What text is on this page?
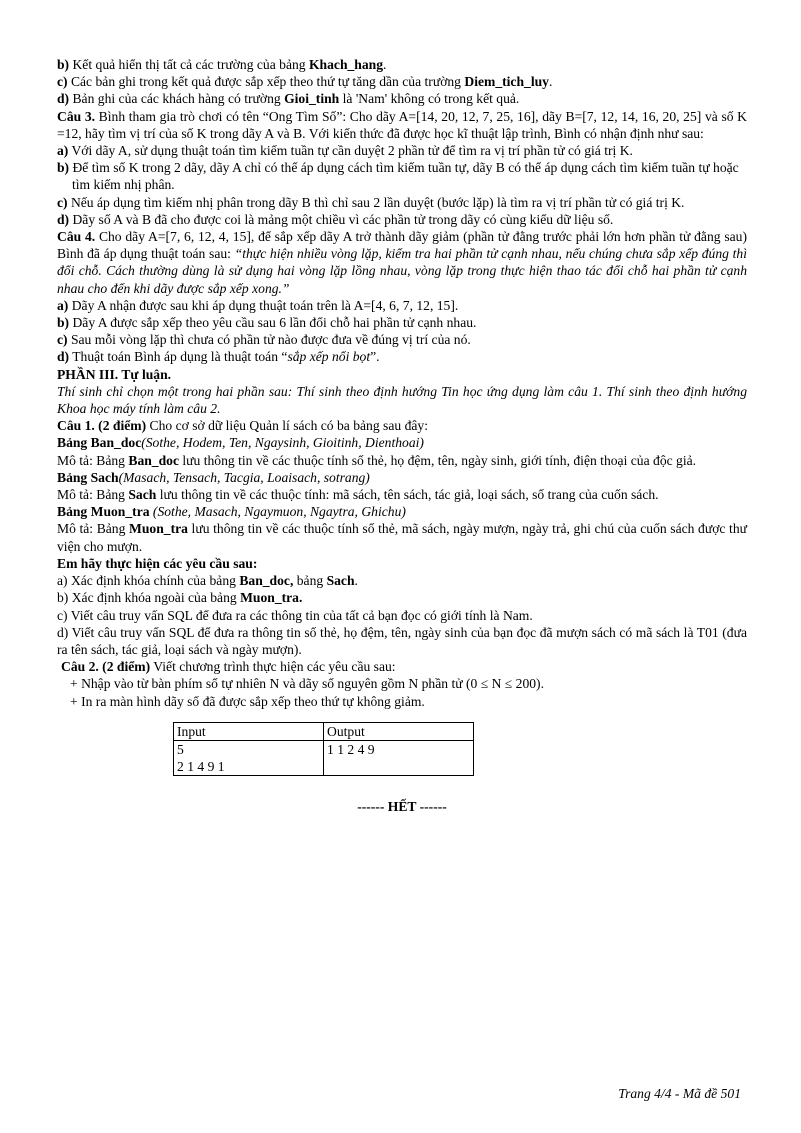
b) Kết quả hiển thị tất cả các trường của bảng Khach_hang.

c) Các bản ghi trong kết quả được sắp xếp theo thứ tự tăng dần của trường Diem_tich_luy.

d) Bản ghi của các khách hàng có trường Gioi_tinh là 'Nam' không có trong kết quả.

Câu 3. Bình tham gia trò chơi có tên “Ong Tìm Số”: Cho dãy A=[14, 20, 12, 7, 25, 16], dãy B=[7, 12, 14, 16, 20, 25] và số K =12, hãy tìm vị trí của số K trong dãy A và B. Với kiến thức đã được học kĩ thuật lập trình, Bình có nhận định như sau:

a) Với dãy A, sử dụng thuật toán tìm kiếm tuần tự cần duyệt 2 phần tử để tìm ra vị trí phần tử có giá trị K.

b) Để tìm số K trong 2 dãy, dãy A chỉ có thể áp dụng cách tìm kiếm tuần tự, dãy B có thể áp dụng cách tìm kiếm tuần tự hoặc tìm kiếm nhị phân.

c) Nếu áp dụng tìm kiếm nhị phân trong dãy B thì chỉ sau 2 lần duyệt (bước lặp) là tìm ra vị trí phần tử có giá trị K.

d) Dãy số A và B đã cho được coi là mảng một chiều vì các phần tử trong dãy có cùng kiểu dữ liệu số.

Câu 4. Cho dãy A=[7, 6, 12, 4, 15], để sắp xếp dãy A trở thành dãy giảm (phần tử đằng trước phải lớn hơn phần tử đằng sau) Bình đã áp dụng thuật toán sau: “thực hiện nhiều vòng lặp, kiểm tra hai phần tử cạnh nhau, nếu chúng chưa sắp xếp đúng thì đổi chỗ. Cách thường dùng là sử dụng hai vòng lặp lồng nhau, vòng lặp trong thực hiện thao tác đổi chỗ hai phần tử cạnh nhau cho đến khi dãy được sắp xếp xong.”

a) Dãy A nhận được sau khi áp dụng thuật toán trên là A=[4, 6, 7, 12, 15].

b) Dãy A được sắp xếp theo yêu cầu sau 6 lần đổi chỗ hai phần tử cạnh nhau.

c) Sau mỗi vòng lặp thì chưa có phần tử nào được đưa về đúng vị trí của nó.

d) Thuật toán Bình áp dụng là thuật toán “sắp xếp nổi bọt”.

PHẦN III. Tự luận.

Thí sinh chỉ chọn một trong hai phần sau: Thí sinh theo định hướng Tin học ứng dụng làm câu 1. Thí sinh theo định hướng Khoa học máy tính làm câu 2.

Câu 1. (2 điểm) Cho cơ sở dữ liệu Quản lí sách có ba bảng sau đây:

Bảng Ban_doc(Sothe, Hodem, Ten, Ngaysinh, Gioitinh, Dienthoai)

Mô tả: Bảng Ban_doc lưu thông tin về các thuộc tính số thẻ, họ đệm, tên, ngày sinh, giới tính, điện thoại của độc giả.

Bảng Sach(Masach, Tensach, Tacgia, Loaisach, sotrang)

Mô tả: Bảng Sach lưu thông tin về các thuộc tính: mã sách, tên sách, tác giả, loại sách, số trang của cuốn sách.

Bảng Muon_tra (Sothe, Masach, Ngaymuon, Ngaytra, Ghichu)

Mô tả: Bảng Muon_tra lưu thông tin về các thuộc tính số thẻ, mã sách, ngày mượn, ngày trả, ghi chú của cuốn sách được thư viện cho mượn.

Em hãy thực hiện các yêu cầu sau:

a) Xác định khóa chính của bảng Ban_doc, bảng Sach.

b) Xác định khóa ngoài của bảng Muon_tra.

c) Viết câu truy vấn SQL để đưa ra các thông tin của tất cả bạn đọc có giới tính là Nam.

d) Viết câu truy vấn SQL để đưa ra thông tin số thẻ, họ đệm, tên, ngày sinh của bạn đọc đã mượn sách có mã sách là T01 (đưa ra tên sách, tác giả, loại sách và ngày mượn).

Câu 2. (2 điểm) Viết chương trình thực hiện các yêu cầu sau:

+ Nhập vào từ bàn phím số tự nhiên N và dãy số nguyên gồm N phần tử (0 ≤ N ≤ 200).

+ In ra màn hình dãy số đã được sắp xếp theo thứ tự không giảm.

Input	Output

5
2 1 4 9 1	1 1 2 4 9

------ HẾT ------

Trang 4/4 - Mã đề 501
